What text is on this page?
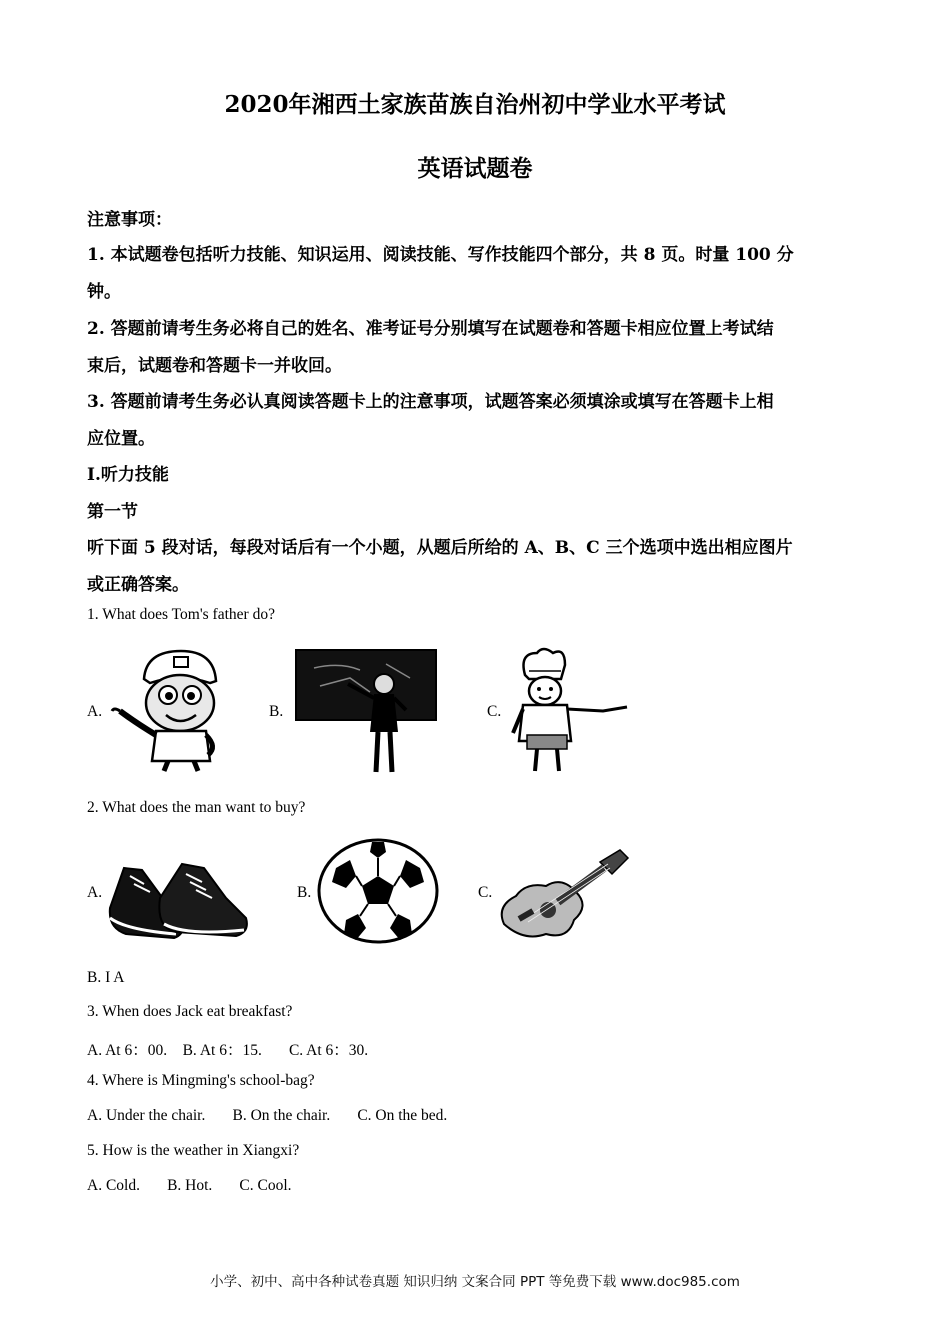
2020年湘西土家族苗族自治州初中学业水平考试
英语试题卷
注意事项：
1. 本试题卷包括听力技能、知识运用、阅读技能、写作技能四个部分，共 8 页。时量 100 分
钟。
2. 答题前请考生务必将自己的姓名、准考证号分别填写在试题卷和答题卡相应位置上考试结
束后，试题卷和答题卡一并收回。
3. 答题前请考生务必认真阅读答题卡上的注意事项，试题答案必须填涂或填写在答题卡上相
应位置。
I.听力技能
第一节
听下面 5 段对话，每段对话后有一个小题，从题后所给的 A、B、C 三个选项中选出相应图片
或正确答案。
1. What does Tom's father do?
A.	B.	C.
2. What does the man want to buy?
A.	B.	C.
B. I A
3. When does Jack eat breakfast?
A. At 6：00.    B. At 6：15.       C. At 6：30.
4. Where is Mingming's school-bag?
A. Under the chair.       B. On the chair.       C. On the bed.
5. How is the weather in Xiangxi?
A. Cold.       B. Hot.       C. Cool.
小学、初中、高中各种试卷真题 知识归纳 文案合同 PPT 等免费下载 www.doc985.com
